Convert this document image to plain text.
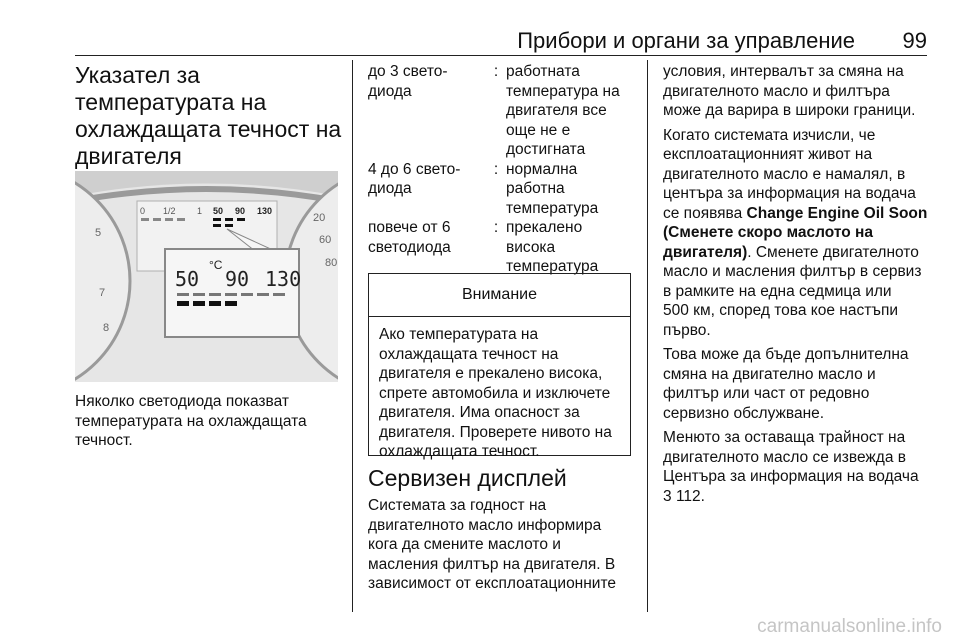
Прибори и органи за управление 99
Указател за
температурата на
охлаждащата течност на
двигателя
0 1/2 1 50 90 130
50
°C
90 130
5
7
8
20
60
80

Няколко светодиода показват

температурата на охлаждащата

течност.

до 3 свето-
диода
: работната
температура на
двигателя все
още не е
достигната
4 до 6 свето-
диода
: нормална
работна
температура
повече от 6
светодиода
: прекалено
висока
температура
Внимание
Ако температурата на
охлаждащата течност на
двигателя е прекалено висока,
спрете автомобила и изключете
двигателя. Има опасност за
двигателя. Проверете нивото на
охлаждащата течност.
Сервизен дисплей

Системата за годност на

двигателното масло информира

кога да смените маслото и

масления филтър на двигателя. В

зависимост от експлоатационните

условия, интервалът за смяна на

двигателното масло и филтъра

може да варира в широки граници.

Когато системата изчисли, че

експлоатационният живот на

двигателното масло е намалял, в

центъра за информация на водача

се появява Change Engine Oil Soon

(Сменете скоро маслото на

двигателя). Сменете двигателното

масло и масления филтър в сервиз

в рамките на една седмица или

500 км, според това кое настъпи

първо.

Това може да бъде допълнителна

смяна на двигателно масло и

филтър или част от редовно

сервизно обслужване.

Менюто за оставаща трайност на

двигателното масло се извежда в

Центъра за информация на водача

3 112.

carmanualsonline.info
